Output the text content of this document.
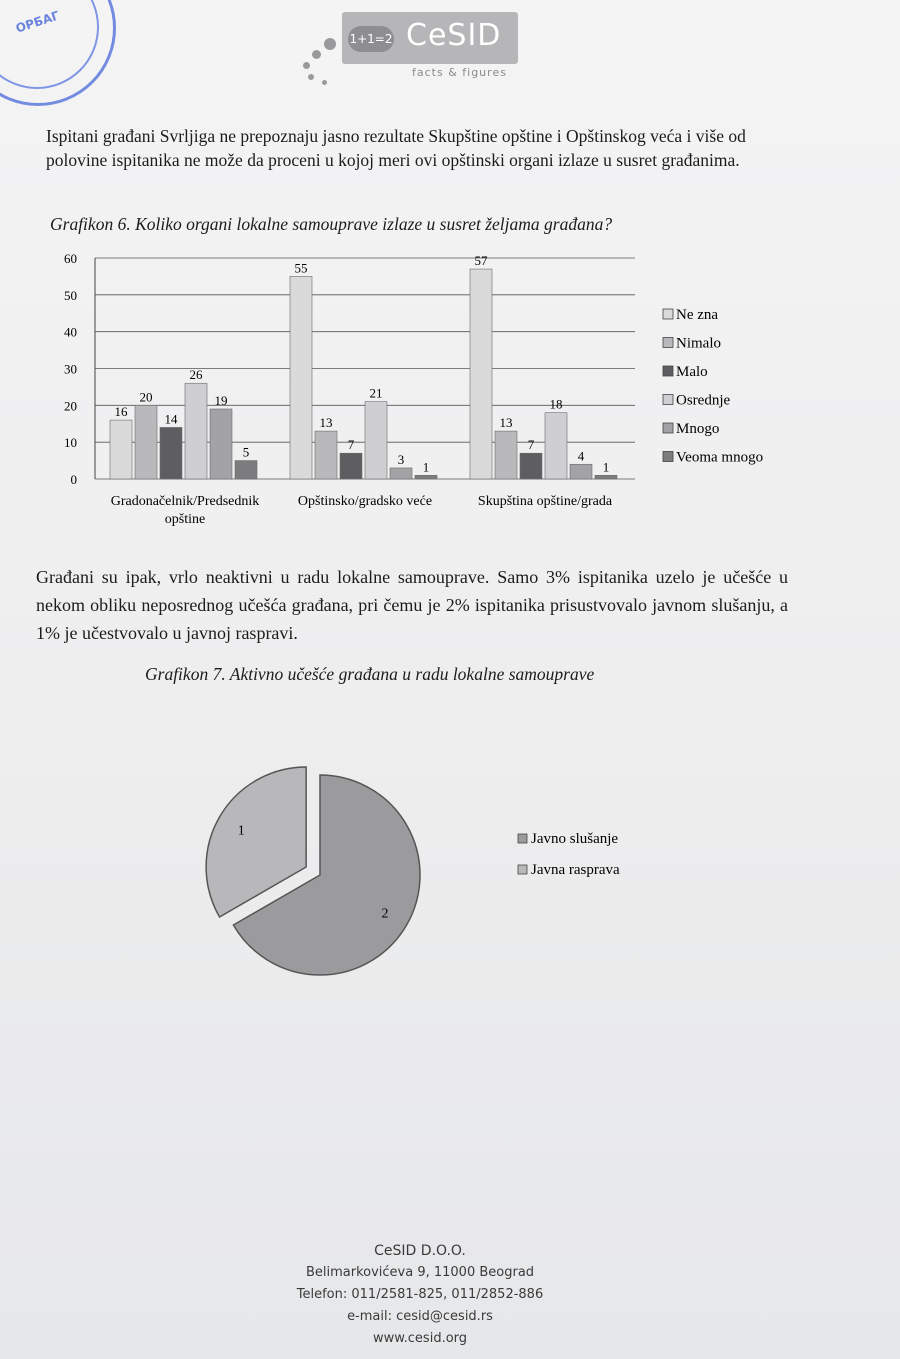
ОРБАГ
1+1=2 CeSID
facts & figures

Ispitani građani Svrljiga ne prepoznaju jasno rezultate Skupštine opštine i Opštinskog veća i više od polovine ispitanika ne može da proceni u kojoj meri ovi opštinski organi izlaze u susret građanima.

Grafikon 6. Koliko organi lokalne samouprave izlaze u susret željama građana?

0
10
20
30
40
50
60
16
20
14
26
19
5
55
13
7
21
3 1
57
13
7
18
4
1
Gradonačelnik/Predsednik
opštine
Opštinsko/gradsko veće	Skupština opštine/grada
Ne zna
Nimalo
Malo
Osrednje
Mnogo
Veoma mnogo

Građani su ipak, vrlo neaktivni u radu lokalne samouprave. Samo 3% ispitanika uzelo je učešće u nekom obliku neposrednog učešća građana, pri čemu je 2% ispitanika prisustvovalo javnom slušanju, a 1% je učestvovalo u javnoj raspravi.

Grafikon 7. Aktivno učešće građana u radu lokalne samouprave

2
1	Javno slušanje
Javna rasprava
CeSID D.O.O.
Belimarkovićeva 9, 11000 Beograd
Telefon: 011/2581-825, 011/2852-886
e-mail: cesid@cesid.rs
www.cesid.org
